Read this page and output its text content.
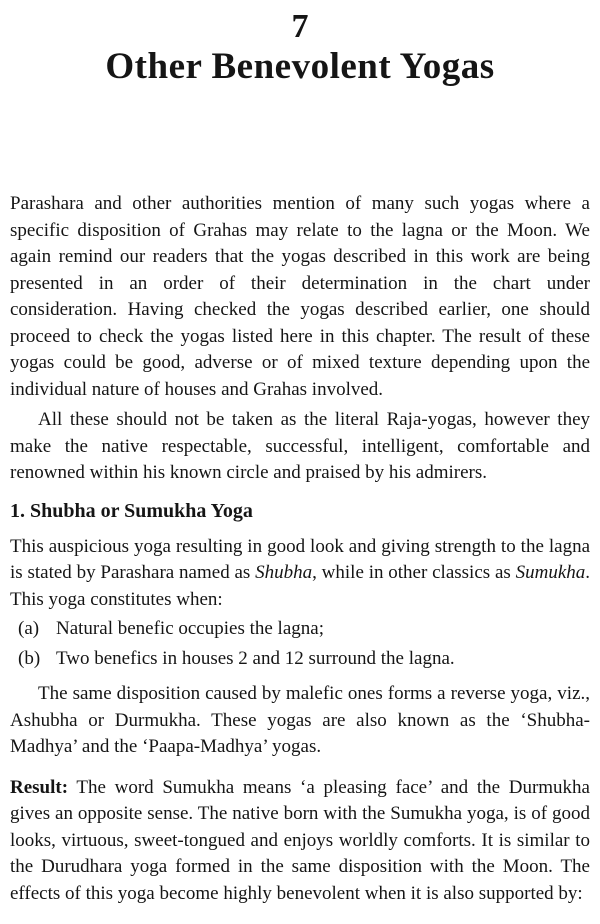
7
Other Benevolent Yogas

Parashara and other authorities mention of many such yogas where a specific disposition of Grahas may relate to the lagna or the Moon. We again remind our readers that the yogas described in this work are being presented in an order of their determination in the chart under consideration. Having checked the yogas described earlier, one should proceed to check the yogas listed here in this chapter. The result of these yogas could be good, adverse or of mixed texture depending upon the individual nature of houses and Grahas involved.

All these should not be taken as the literal Raja-yogas, however they make the native respectable, successful, intelligent, comfortable and renowned within his known circle and praised by his admirers.

1. Shubha or Sumukha Yoga

This auspicious yoga resulting in good look and giving strength to the lagna is stated by Parashara named as Shubha, while in other classics as Sumukha. This yoga constitutes when:

(a) Natural benefic occupies the lagna;
(b) Two benefics in houses 2 and 12 surround the lagna.

The same disposition caused by malefic ones forms a reverse yoga, viz., Ashubha or Durmukha. These yogas are also known as the ‘Shubha-Madhya’ and the ‘Paapa-Madhya’ yogas.

Result: The word Sumukha means ‘a pleasing face’ and the Durmukha gives an opposite sense. The native born with the Sumukha yoga, is of good looks, virtuous, sweet-tongued and enjoys worldly comforts. It is similar to the Durudhara yoga formed in the same disposition with the Moon. The effects of this yoga become highly benevolent when it is also supported by:
